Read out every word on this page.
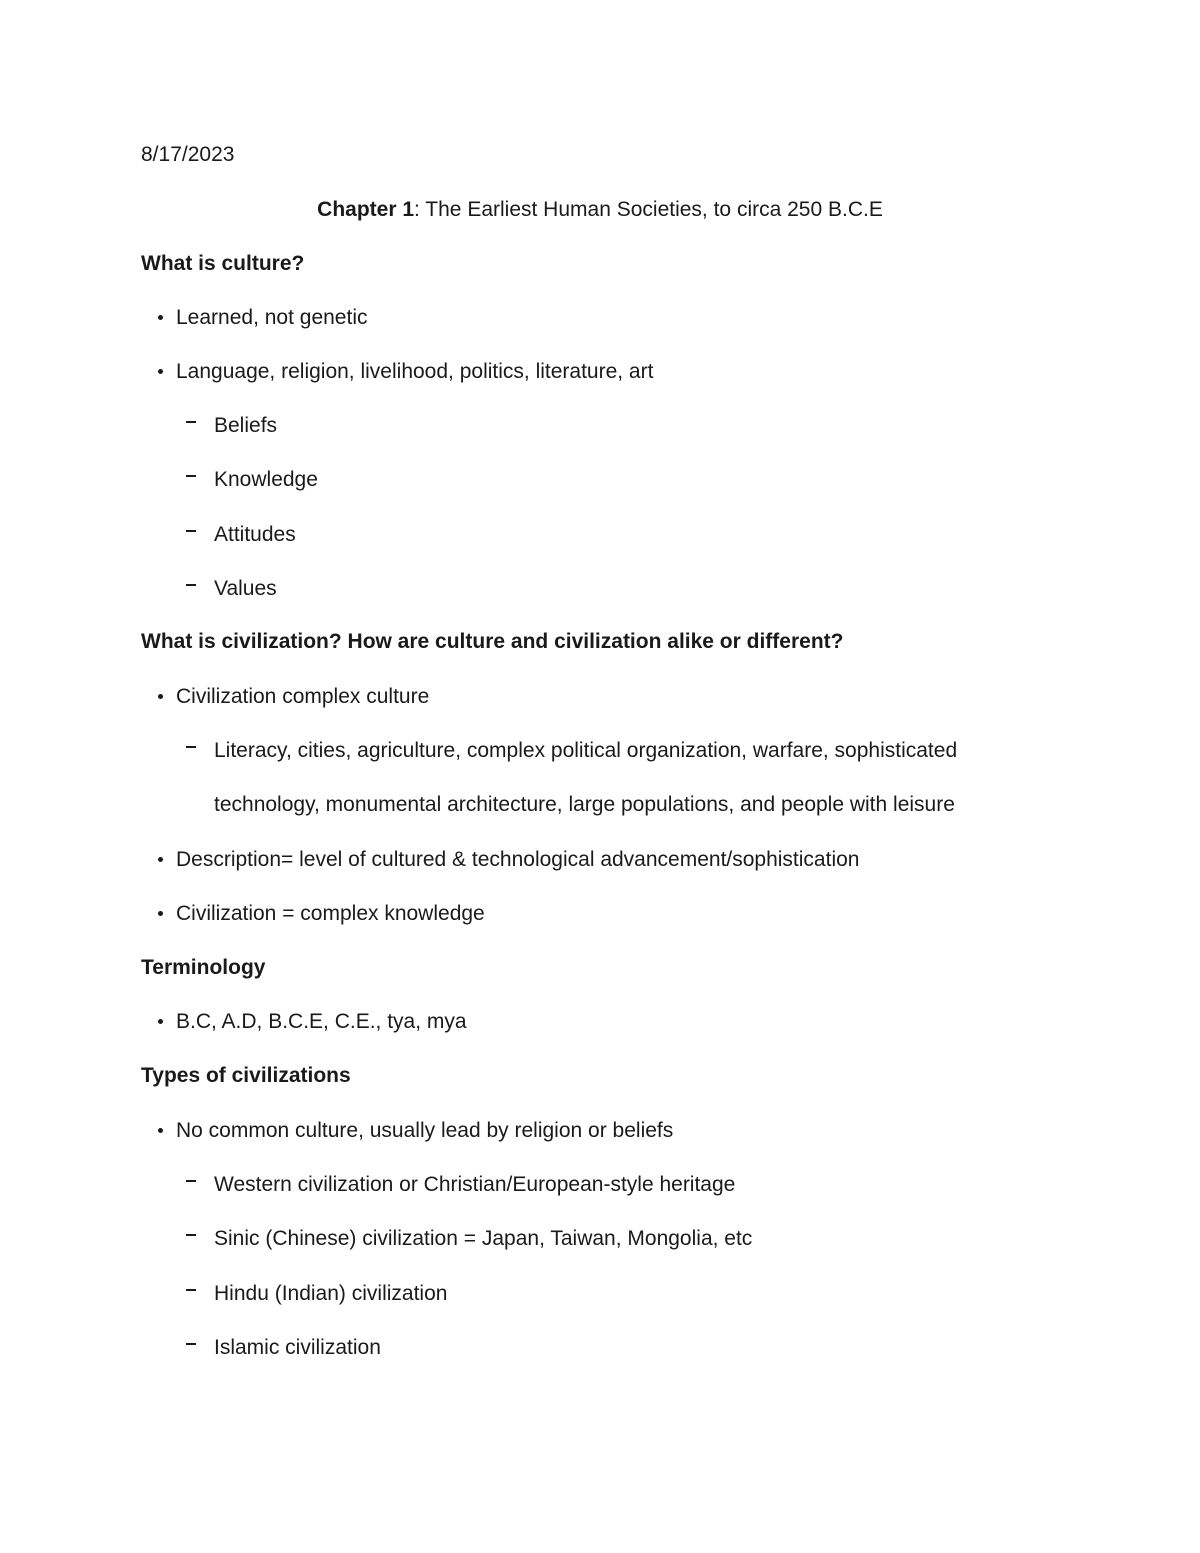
8/17/2023
Chapter 1: The Earliest Human Societies, to circa 250 B.C.E
What is culture?
Learned, not genetic
Language, religion, livelihood, politics, literature, art
Beliefs
Knowledge
Attitudes
Values
What is civilization? How are culture and civilization alike or different?
Civilization complex culture
Literacy, cities, agriculture, complex political organization, warfare, sophisticated
technology, monumental architecture, large populations, and people with leisure
Description= level of cultured & technological advancement/sophistication
Civilization = complex knowledge
Terminology
B.C, A.D, B.C.E, C.E., tya, mya
Types of civilizations
No common culture, usually lead by religion or beliefs
Western civilization or Christian/European-style heritage
Sinic (Chinese) civilization = Japan, Taiwan, Mongolia, etc
Hindu (Indian) civilization
Islamic civilization
